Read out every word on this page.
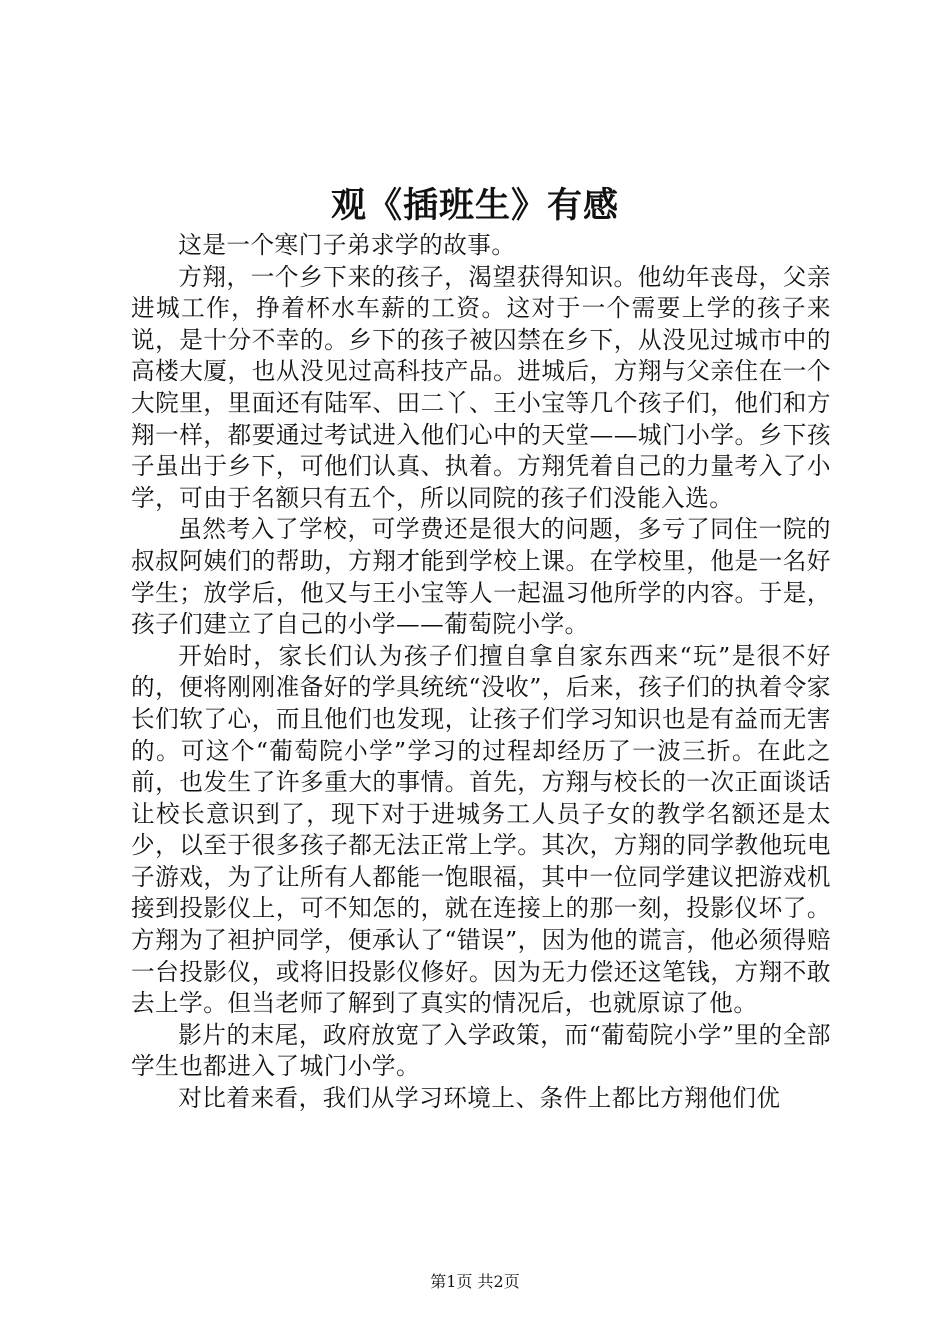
观《插班生》有感

这是一个寒门子弟求学的故事。

方翔，一个乡下来的孩子，渴望获得知识。他幼年丧母，父亲进城工作，挣着杯水车薪的工资。这对于一个需要上学的孩子来说，是十分不幸的。乡下的孩子被囚禁在乡下，从没见过城市中的高楼大厦，也从没见过高科技产品。进城后，方翔与父亲住在一个大院里，里面还有陆军、田二丫、王小宝等几个孩子们，他们和方翔一样，都要通过考试进入他们心中的天堂——城门小学。乡下孩子虽出于乡下，可他们认真、执着。方翔凭着自己的力量考入了小学，可由于名额只有五个，所以同院的孩子们没能入选。

虽然考入了学校，可学费还是很大的问题，多亏了同住一院的叔叔阿姨们的帮助，方翔才能到学校上课。在学校里，他是一名好学生；放学后，他又与王小宝等人一起温习他所学的内容。于是，孩子们建立了自己的小学——葡萄院小学。

开始时，家长们认为孩子们擅自拿自家东西来“玩”是很不好的，便将刚刚准备好的学具统统“没收”，后来，孩子们的执着令家长们软了心，而且他们也发现，让孩子们学习知识也是有益而无害的。可这个“葡萄院小学”学习的过程却经历了一波三折。在此之前，也发生了许多重大的事情。首先，方翔与校长的一次正面谈话让校长意识到了，现下对于进城务工人员子女的教学名额还是太少，以至于很多孩子都无法正常上学。其次，方翔的同学教他玩电子游戏，为了让所有人都能一饱眼福，其中一位同学建议把游戏机接到投影仪上，可不知怎的，就在连接上的那一刻，投影仪坏了。方翔为了袒护同学，便承认了“错误”，因为他的谎言，他必须得赔一台投影仪，或将旧投影仪修好。因为无力偿还这笔钱，方翔不敢去上学。但当老师了解到了真实的情况后，也就原谅了他。

影片的末尾，政府放宽了入学政策，而“葡萄院小学”里的全部学生也都进入了城门小学。

对比着来看，我们从学习环境上、条件上都比方翔他们优

第1页 共2页
